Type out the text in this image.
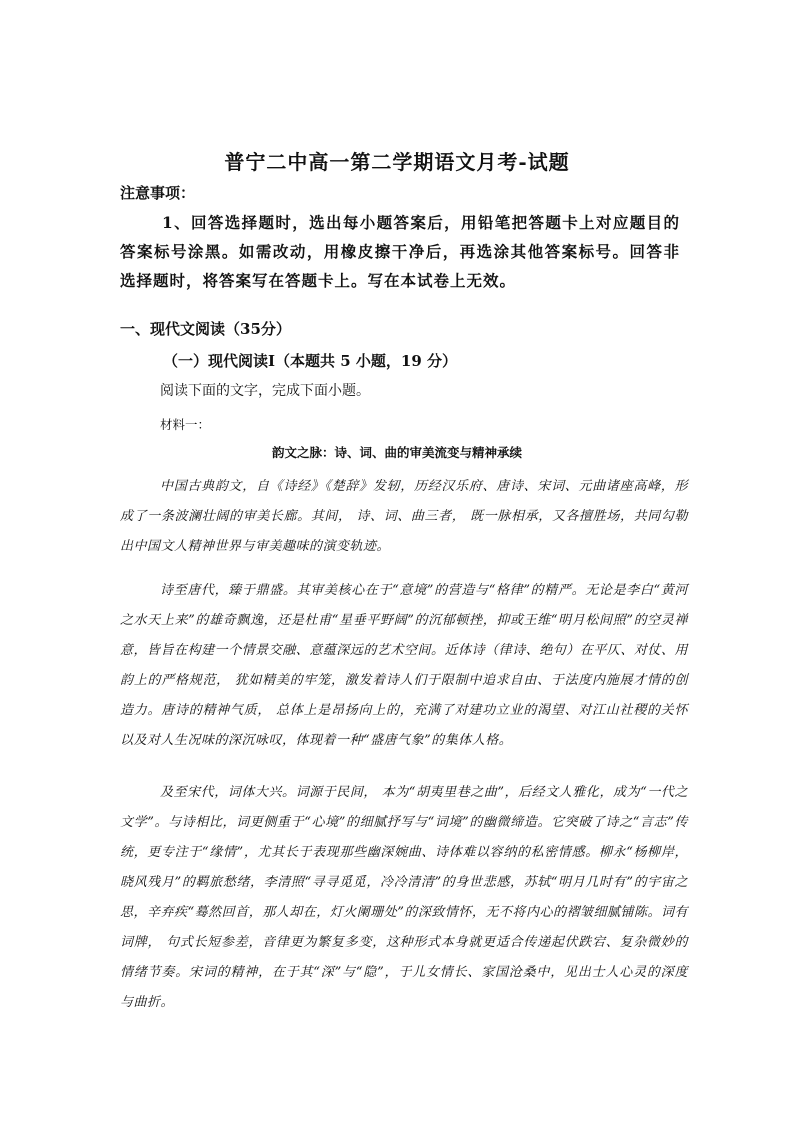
普宁二中高一第二学期语文月考-试题
注意事项：
1、回答选择题时，选出每小题答案后，用铅笔把答题卡上对应题目的答案标号涂黑。如需改动，用橡皮擦干净后，再选涂其他答案标号。回答非选择题时，将答案写在答题卡上。写在本试卷上无效。
一、现代文阅读（35分）
（一）现代阅读Ⅰ（本题共 5 小题，19 分）
阅读下面的文字，完成下面小题。
材料一：
韵文之脉：诗、词、曲的审美流变与精神承续
中国古典韵文，自《诗经》《楚辞》发轫，历经汉乐府、唐诗、宋词、元曲诸座高峰，形成了一条波澜壮阔的审美长廊。其间， 诗、词、曲三者， 既一脉相承，又各擅胜场，共同勾勒出中国文人精神世界与审美趣味的演变轨迹。
诗至唐代，臻于鼎盛。其审美核心在于“意境”的营造与“格律”的精严。无论是李白“黄河之水天上来”的雄奇飘逸，还是杜甫“星垂平野阔”的沉郁顿挫，抑或王维“明月松间照”的空灵禅意，皆旨在构建一个情景交融、意蕴深远的艺术空间。近体诗（律诗、绝句）在平仄、对仗、用韵上的严格规范， 犹如精美的牢笼，激发着诗人们于限制中追求自由、于法度内施展才情的创造力。唐诗的精神气质， 总体上是昂扬向上的，充满了对建功立业的渴望、对江山社稷的关怀以及对人生况味的深沉咏叹，体现着一种“盛唐气象”的集体人格。
及至宋代，词体大兴。词源于民间， 本为“胡夷里巷之曲”，后经文人雅化，成为“一代之文学”。与诗相比，词更侧重于“心境”的细腻抒写与“词境”的幽微缔造。它突破了诗之“言志”传统，更专注于“缘情”，尤其长于表现那些幽深婉曲、诗体难以容纳的私密情感。柳永“杨柳岸，晓风残月”的羁旅愁绪，李清照“寻寻觅觅，冷冷清清”的身世悲感，苏轼“明月几时有”的宇宙之思，辛弃疾“蓦然回首，那人却在，灯火阑珊处”的深致情怀，无不将内心的褶皱细腻铺陈。词有词牌， 句式长短参差，音律更为繁复多变，这种形式本身就更适合传递起伏跌宕、复杂微妙的情绪节奏。宋词的精神，在于其“深”与“隐”，于儿女情长、家国沧桑中，见出士人心灵的深度与曲折。
